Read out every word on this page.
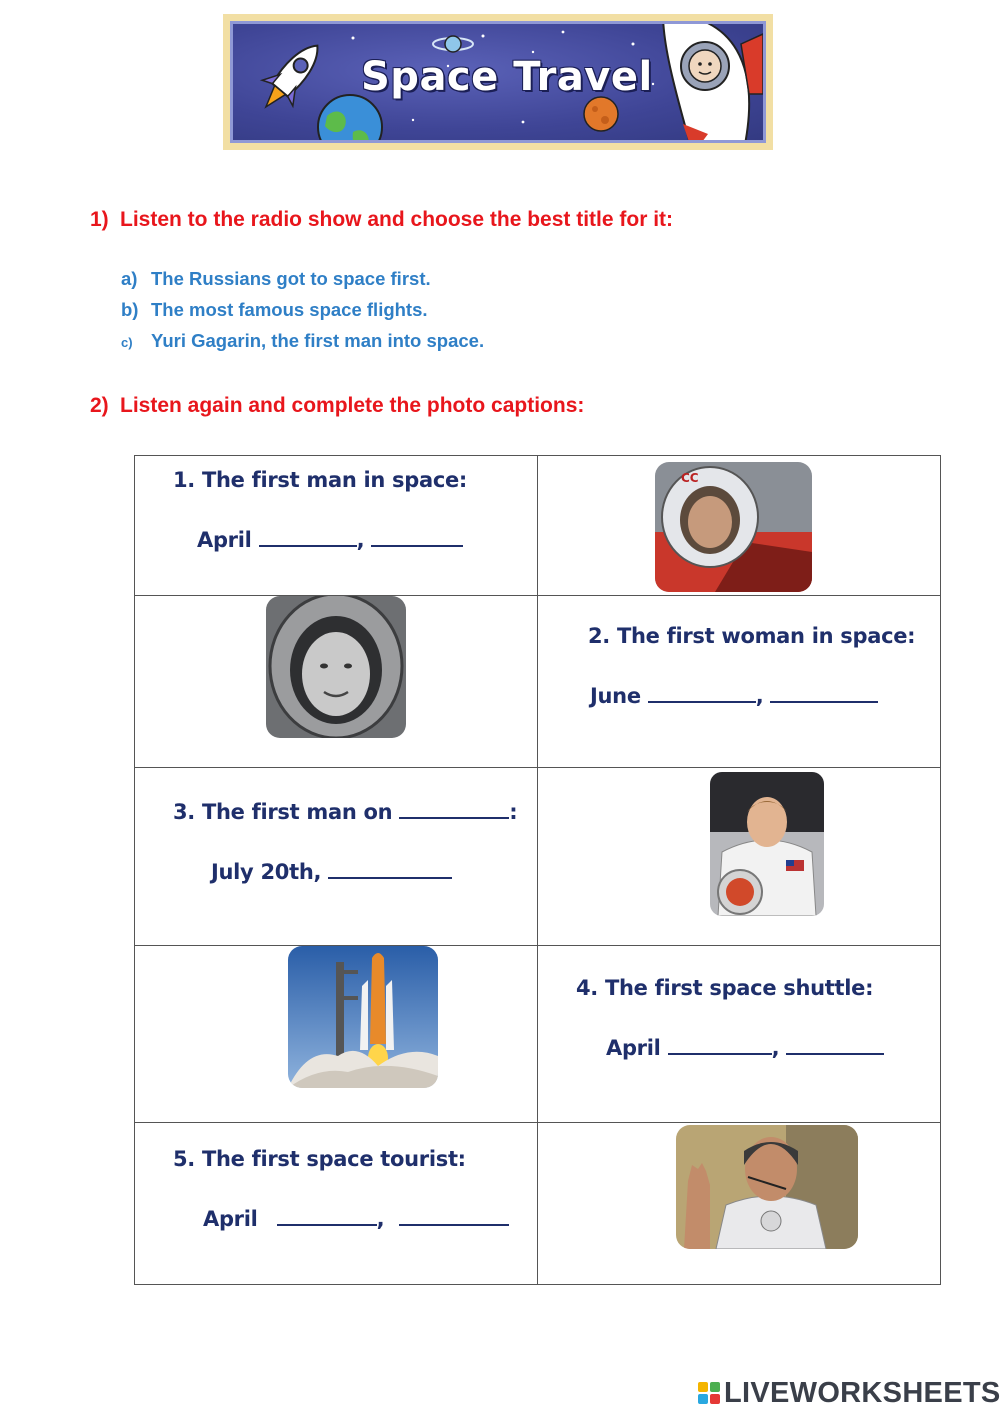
Space Travel
1) Listen to the radio show and choose the best title for it:
a) The Russians got to space first.
b) The most famous space flights.
c) Yuri Gagarin, the first man into space.
2) Listen again and complete the photo captions:
1. The first man in space:
April ,	CC

2. The first woman in space:
June ,

3. The first man on :
July 20th,

4. The first space shuttle:
April ,

5. The first space tourist:
April ,

LIVEWORKSHEETS
